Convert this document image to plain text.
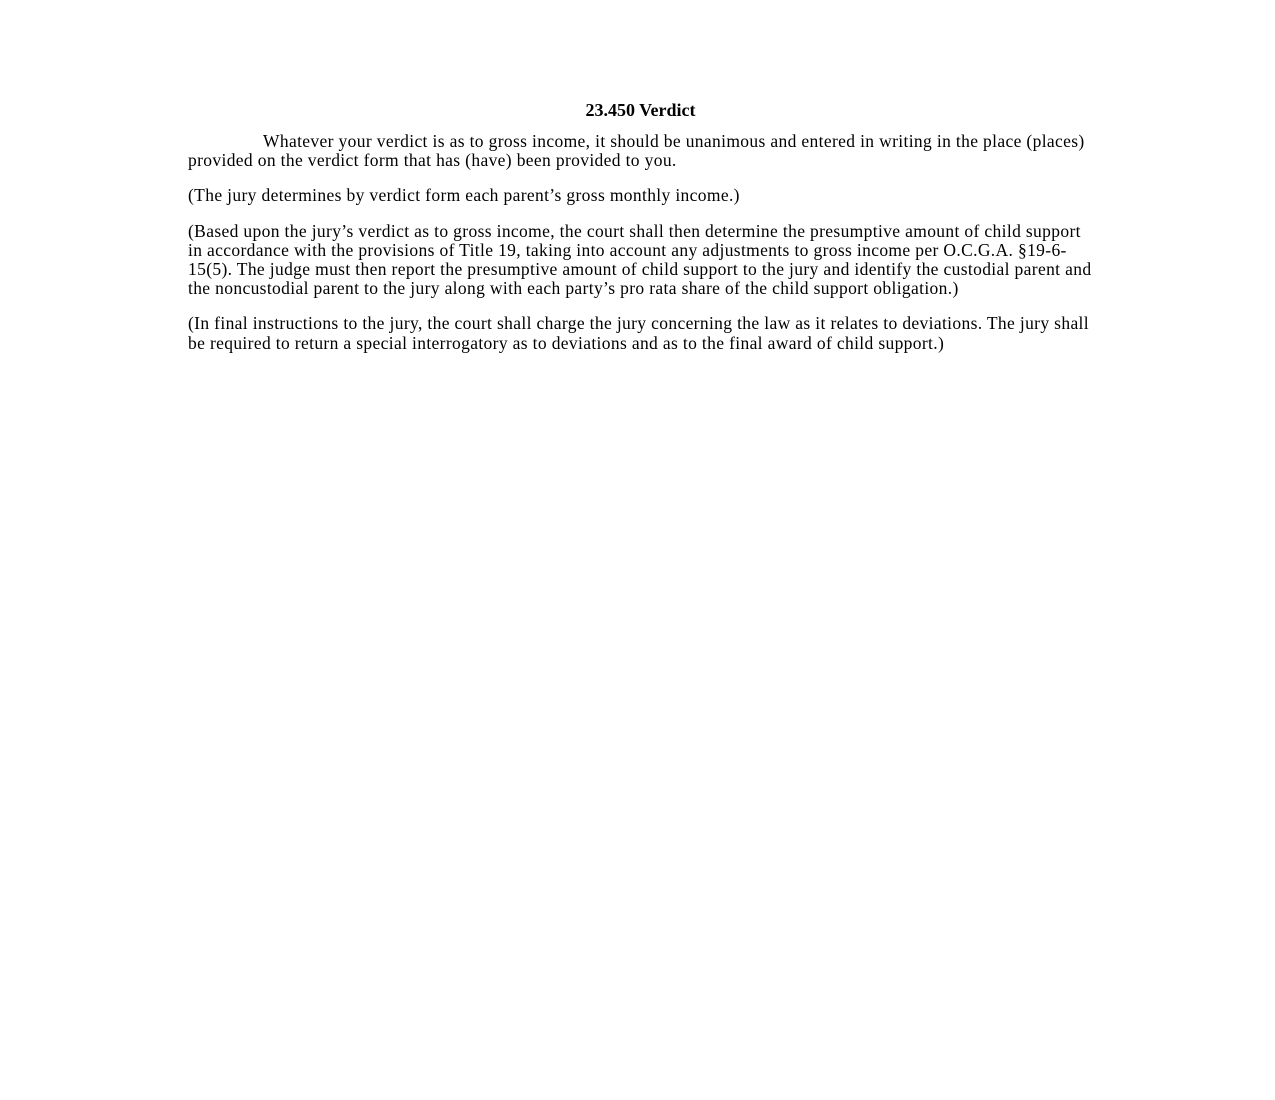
23.450 Verdict

Whatever your verdict is as to gross income, it should be unanimous and entered in writing in the place (places) provided on the verdict form that has (have) been provided to you.

(The jury determines by verdict form each parent’s gross monthly income.)

(Based upon the jury’s verdict as to gross income, the court shall then determine the presumptive amount of child support in accordance with the provisions of Title 19, taking into account any adjustments to gross income per O.C.G.A. §19-6-15(5). The judge must then report the presumptive amount of child support to the jury and identify the custodial parent and the noncustodial parent to the jury along with each party’s pro rata share of the child support obligation.)

(In final instructions to the jury, the court shall charge the jury concerning the law as it relates to deviations. The jury shall be required to return a special interrogatory as to deviations and as to the final award of child support.)
